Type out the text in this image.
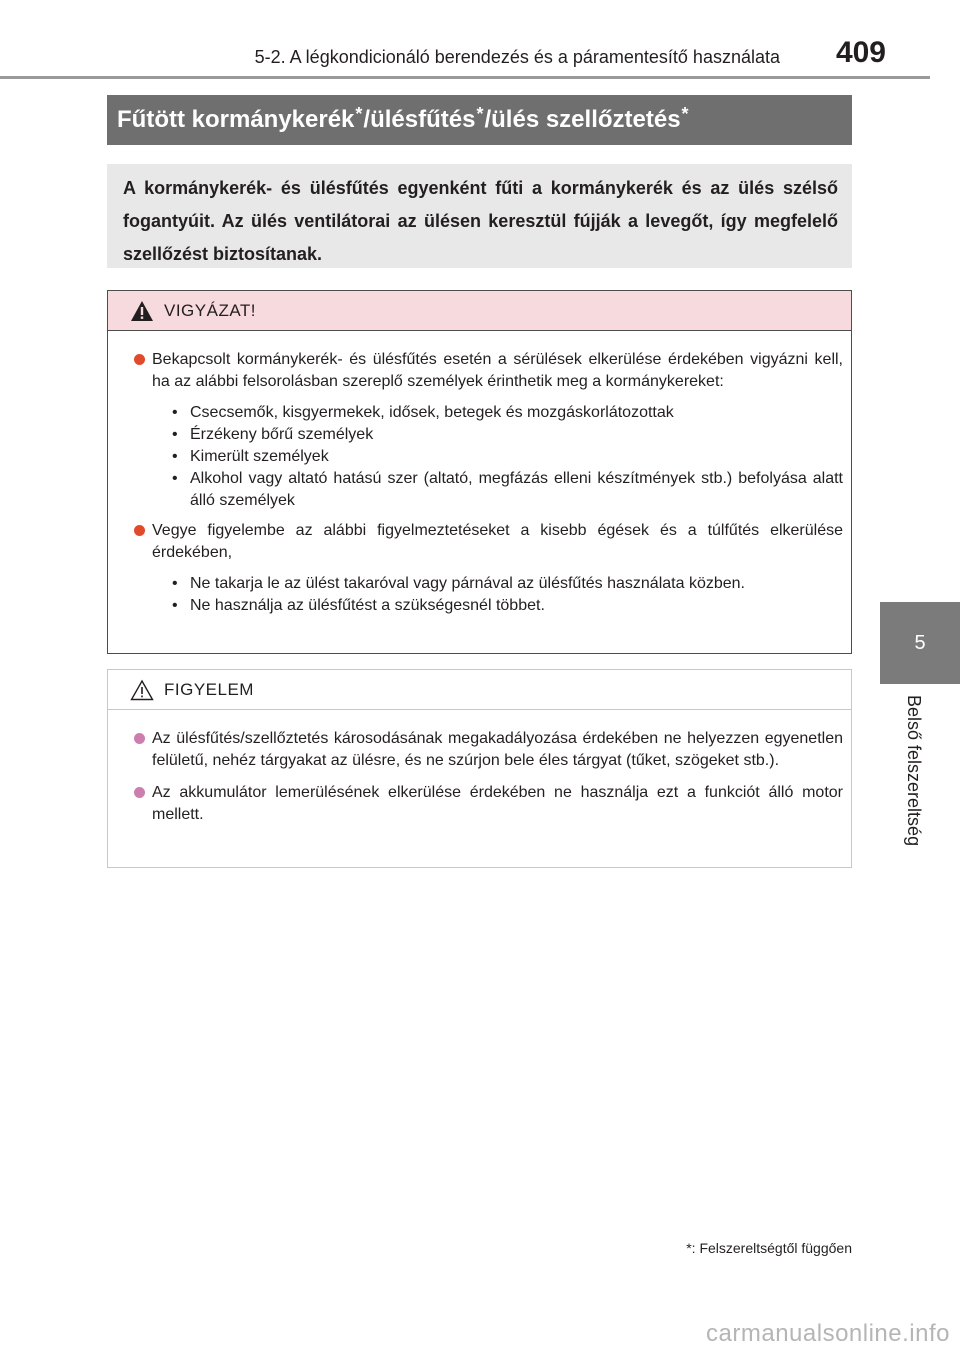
5-2. A légkondicionáló berendezés és a páramentesítő használata 409
5
Belső felszereltség
Fűtött kormánykerék* /ülésfűtés* /ülés szellőztetés*
A kormánykerék- és ülésfűtés egyenként fűti a kormánykerék és az ülés szélső fogantyúit. Az ülés ventilátorai az ülésen keresztül fújják a levegőt, így megfelelő szellőzést biztosítanak.
VIGYÁZAT!
Bekapcsolt kormánykerék- és ülésfűtés esetén a sérülések elkerülése érdekében vigyázni kell, ha az alábbi felsorolásban szereplő személyek érinthetik meg a kormánykereket:
• Csecsemők, kisgyermekek, idősek, betegek és mozgáskorlátozottak
• Érzékeny bőrű személyek
• Kimerült személyek
• Alkohol vagy altató hatású szer (altató, megfázás elleni készítmények stb.) befolyása alatt álló személyek
Vegye figyelembe az alábbi figyelmeztetéseket a kisebb égések és a túlfűtés elkerülése érdekében,
• Ne takarja le az ülést takaróval vagy párnával az ülésfűtés használata közben.
• Ne használja az ülésfűtést a szükségesnél többet.
FIGYELEM
Az ülésfűtés/szellőztetés károsodásának megakadályozása érdekében ne helyezzen egyenetlen felületű, nehéz tárgyakat az ülésre, és ne szúrjon bele éles tárgyat (tűket, szögeket stb.).
Az akkumulátor lemerülésének elkerülése érdekében ne használja ezt a funkciót álló motor mellett.
*: Felszereltségtől függően
carmanualsonline.info
